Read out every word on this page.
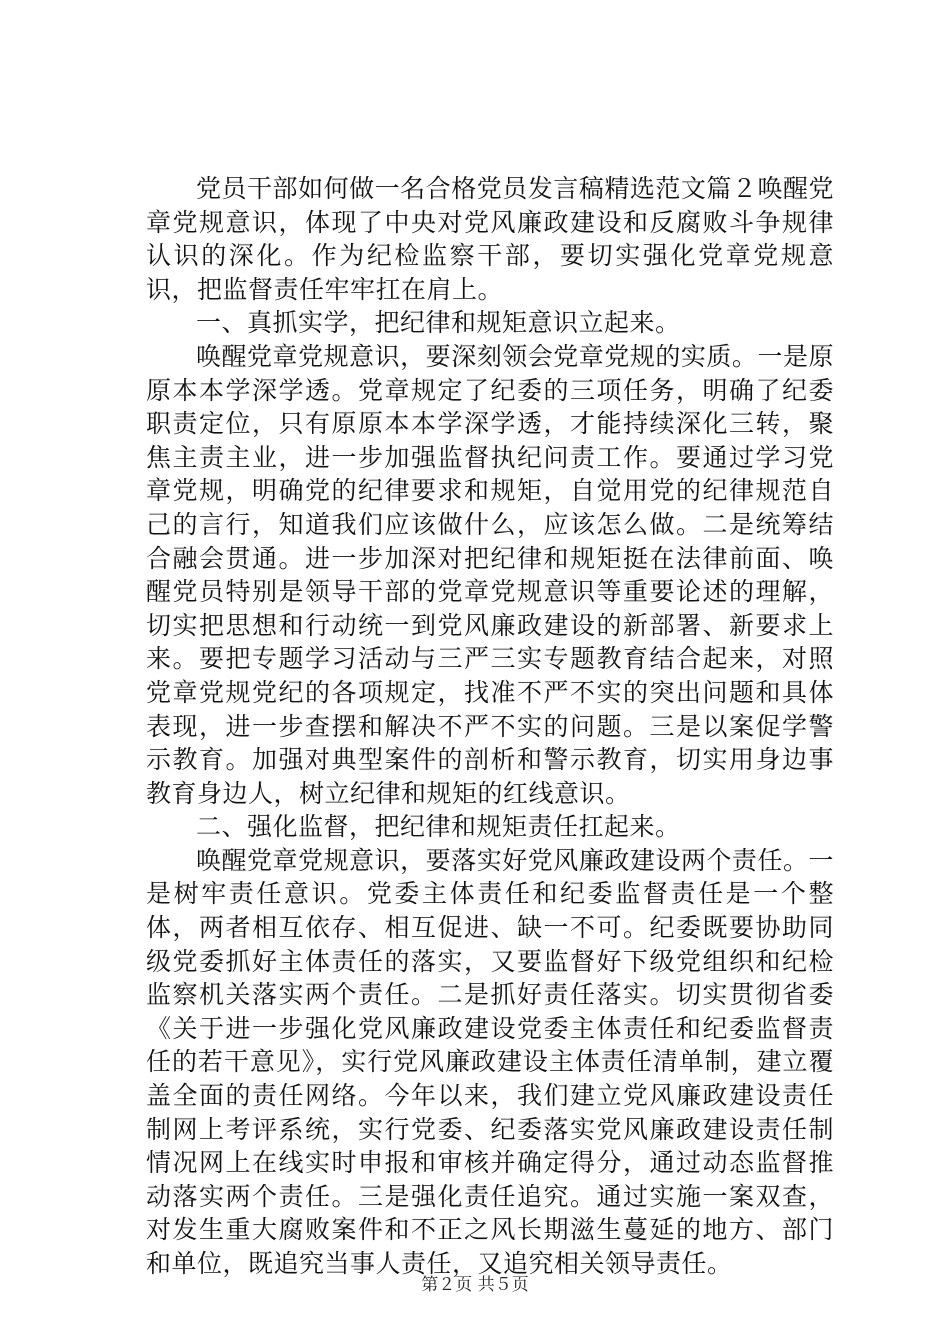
党员干部如何做一名合格党员发言稿精选范文篇２唤醒党章党规意识，体现了中央对党风廉政建设和反腐败斗争规律认识的深化。作为纪检监察干部，要切实强化党章党规意识，把监督责任牢牢扛在肩上。

一、真抓实学，把纪律和规矩意识立起来。

唤醒党章党规意识，要深刻领会党章党规的实质。一是原原本本学深学透。党章规定了纪委的三项任务，明确了纪委职责定位，只有原原本本学深学透，才能持续深化三转，聚焦主责主业，进一步加强监督执纪问责工作。要通过学习党章党规，明确党的纪律要求和规矩，自觉用党的纪律规范自己的言行，知道我们应该做什么，应该怎么做。二是统筹结合融会贯通。进一步加深对把纪律和规矩挺在法律前面、唤醒党员特别是领导干部的党章党规意识等重要论述的理解，切实把思想和行动统一到党风廉政建设的新部署、新要求上来。要把专题学习活动与三严三实专题教育结合起来，对照党章党规党纪的各项规定，找准不严不实的突出问题和具体表现，进一步查摆和解决不严不实的问题。三是以案促学警示教育。加强对典型案件的剖析和警示教育，切实用身边事教育身边人，树立纪律和规矩的红线意识。

二、强化监督，把纪律和规矩责任扛起来。

唤醒党章党规意识，要落实好党风廉政建设两个责任。一是树牢责任意识。党委主体责任和纪委监督责任是一个整体，两者相互依存、相互促进、缺一不可。纪委既要协助同级党委抓好主体责任的落实，又要监督好下级党组织和纪检监察机关落实两个责任。二是抓好责任落实。切实贯彻省委《关于进一步强化党风廉政建设党委主体责任和纪委监督责任的若干意见》，实行党风廉政建设主体责任清单制，建立覆盖全面的责任网络。今年以来，我们建立党风廉政建设责任制网上考评系统，实行党委、纪委落实党风廉政建设责任制情况网上在线实时申报和审核并确定得分，通过动态监督推动落实两个责任。三是强化责任追究。通过实施一案双查，对发生重大腐败案件和不正之风长期滋生蔓延的地方、部门和单位，既追究当事人责任，又追究相关领导责任。

第２页 共５页
